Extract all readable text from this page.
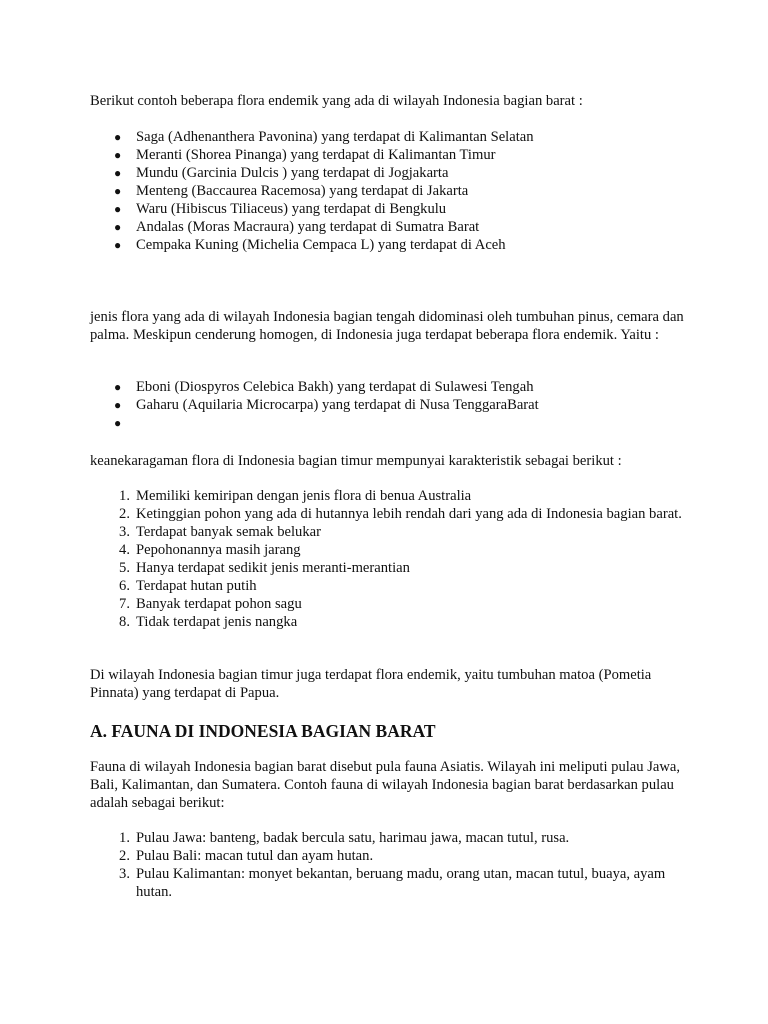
Berikut contoh beberapa flora endemik yang ada di wilayah Indonesia bagian barat :
● Saga (Adhenanthera Pavonina) yang terdapat di Kalimantan Selatan
● Meranti (Shorea Pinanga) yang terdapat di Kalimantan Timur
● Mundu (Garcinia Dulcis ) yang terdapat di Jogjakarta
● Menteng (Baccaurea Racemosa) yang terdapat di Jakarta
● Waru (Hibiscus Tiliaceus) yang terdapat di Bengkulu
● Andalas (Moras Macraura) yang terdapat di Sumatra Barat
● Cempaka Kuning (Michelia Cempaca L) yang terdapat di Aceh
jenis flora yang ada di wilayah Indonesia bagian tengah didominasi oleh tumbuhan pinus, cemara dan palma. Meskipun cenderung homogen, di Indonesia juga terdapat beberapa flora endemik. Yaitu :
● Eboni (Diospyros Celebica Bakh) yang terdapat di Sulawesi Tengah
● Gaharu (Aquilaria Microcarpa) yang terdapat di Nusa TenggaraBarat
●

keanekaragaman flora di Indonesia bagian timur mempunyai karakteristik sebagai berikut :
1. Memiliki kemiripan dengan jenis flora di benua Australia
2. Ketinggian pohon yang ada di hutannya lebih rendah dari yang ada di Indonesia bagian barat.
3. Terdapat banyak semak belukar
4. Pepohonannya masih jarang
5. Hanya terdapat sedikit jenis meranti-merantian
6. Terdapat hutan putih
7. Banyak terdapat pohon sagu
8. Tidak terdapat jenis nangka
Di wilayah Indonesia bagian timur juga terdapat flora endemik, yaitu tumbuhan matoa (Pometia Pinnata) yang terdapat di Papua.
A. FAUNA DI INDONESIA BAGIAN BARAT
Fauna di wilayah Indonesia bagian barat disebut pula fauna Asiatis. Wilayah ini meliputi pulau Jawa, Bali, Kalimantan, dan Sumatera. Contoh fauna di wilayah Indonesia bagian barat berdasarkan pulau adalah sebagai berikut:
1. Pulau Jawa: banteng, badak bercula satu, harimau jawa, macan tutul, rusa.
2. Pulau Bali: macan tutul dan ayam hutan.
3. Pulau Kalimantan: monyet bekantan, beruang madu, orang utan, macan tutul, buaya, ayam hutan.
